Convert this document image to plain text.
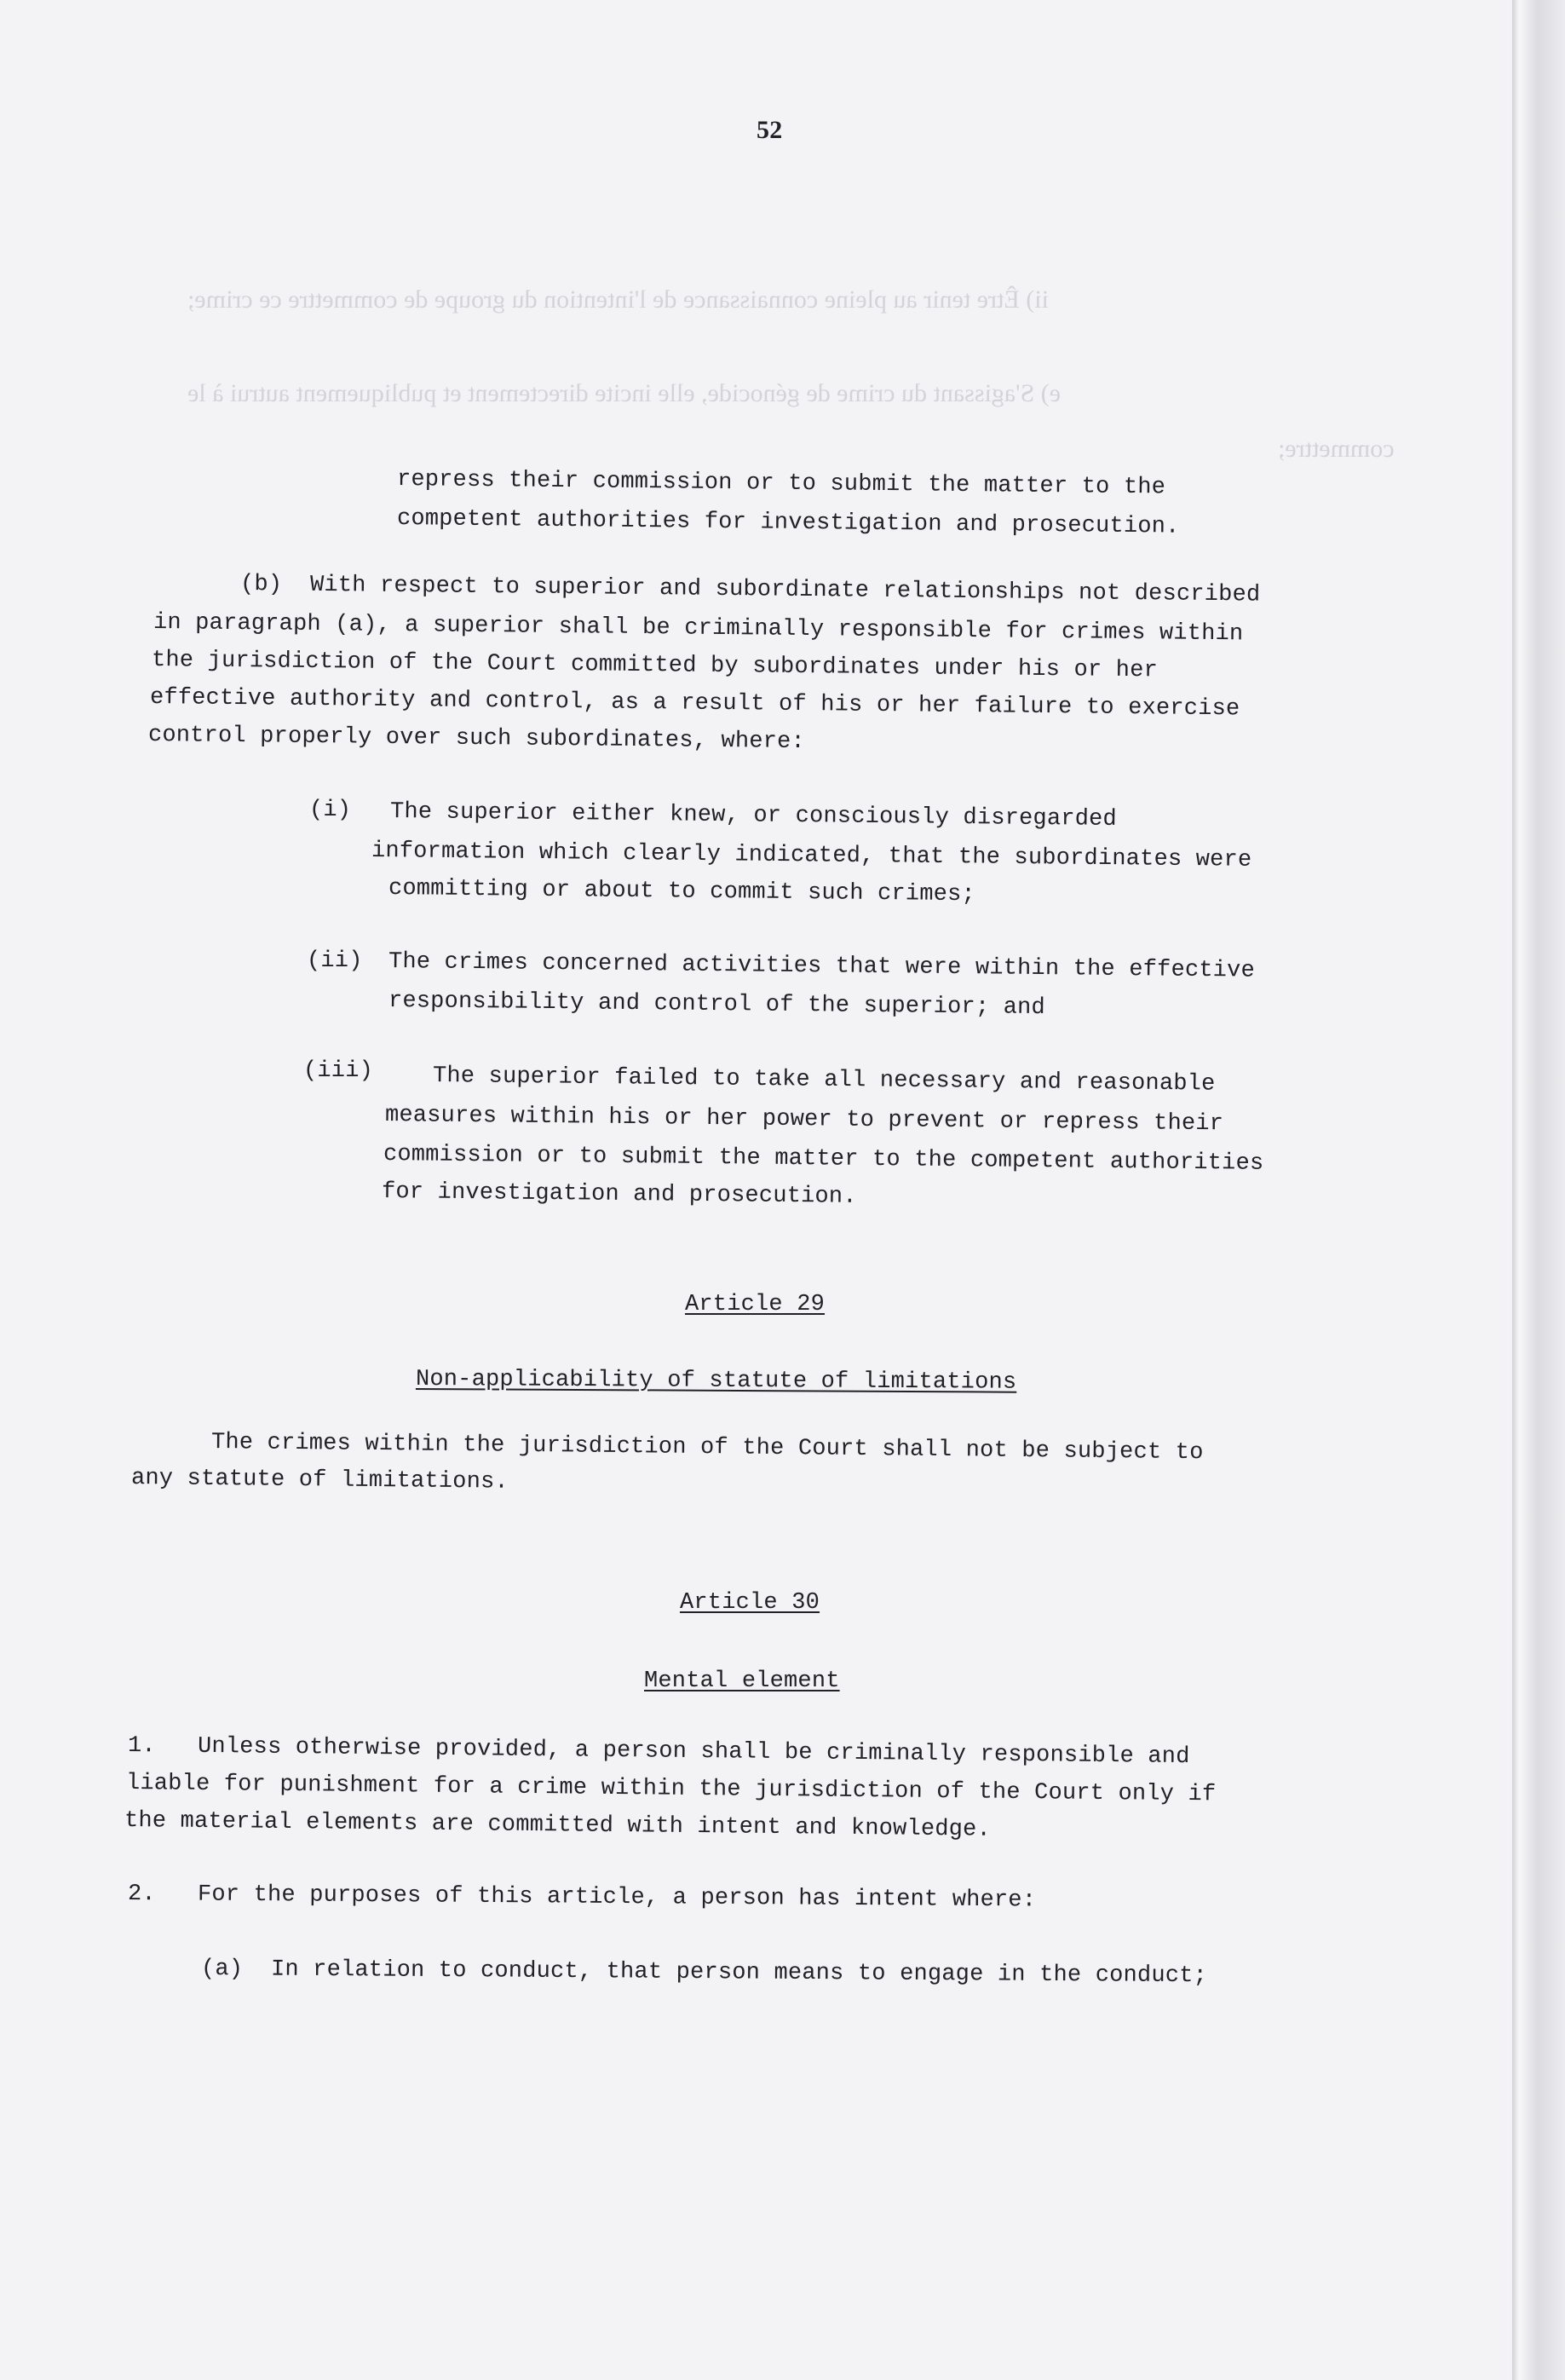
ii) Être tenir au pleine connaissance de l'intention du groupe de commettre ce crime;
e) S'agissant du crime de génocide, elle incite directement et publiquement autrui à le
commettre;
52
repress their commission or to submit the matter to the
competent authorities for investigation and prosecution.
(b)  With respect to superior and subordinate relationships not described
in paragraph (a), a superior shall be criminally responsible for crimes within
the jurisdiction of the Court committed by subordinates under his or her
effective authority and control, as a result of his or her failure to exercise
control properly over such subordinates, where:
(i) The superior either knew, or consciously disregarded
information which clearly indicated, that the subordinates were
committing or about to commit such crimes;
(ii) The crimes concerned activities that were within the effective
responsibility and control of the superior; and
(iii)	The superior failed to take all necessary and reasonable
measures within his or her power to prevent or repress their
commission or to submit the matter to the competent authorities
for investigation and prosecution.
Article 29
Non-applicability of statute of limitations
The crimes within the jurisdiction of the Court shall not be subject to
any statute of limitations.
Article 30
Mental element
1.   Unless otherwise provided, a person shall be criminally responsible and
liable for punishment for a crime within the jurisdiction of the Court only if
the material elements are committed with intent and knowledge.
2.   For the purposes of this article, a person has intent where:
(a)  In relation to conduct, that person means to engage in the conduct;
